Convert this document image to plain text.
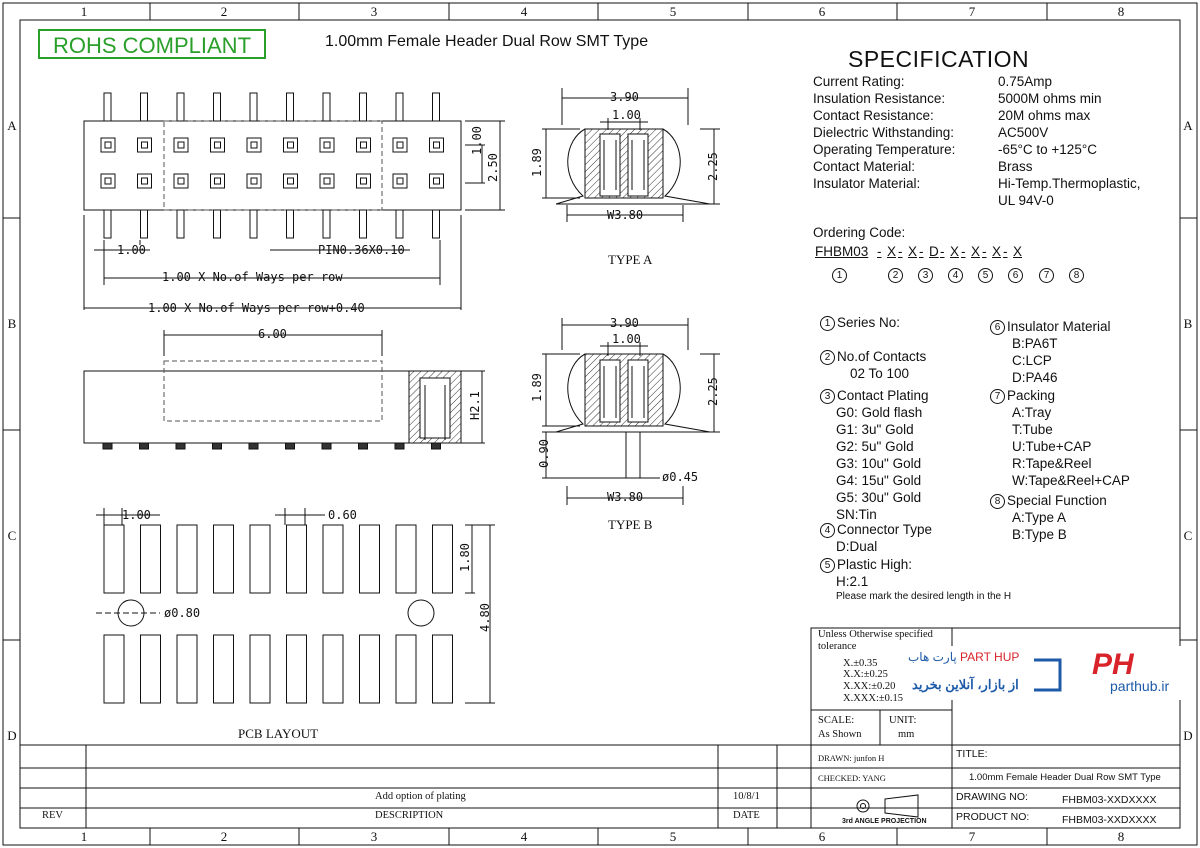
1	2	3	4	5	6	7	8
1	2	3	4	5	6	7	8
A
B
C
D
A
B
C
D
ROHS COMPLIANT	1.00mm Female Header Dual Row SMT Type
SPECIFICATION
Current Rating:	0.75Amp
Insulation Resistance:	5000M ohms min
Contact Resistance:	20M ohms max
Dielectric Withstanding:	AC500V
Operating Temperature:	-65°C to +125°C
Contact Material:	Brass
Insulator Material:	Hi-Temp.Thermoplastic,
UL 94V-0
Ordering Code:
FHBM03 - X - X - D - X - X - X - X
1	2	3	4	5	6	7	8
1 Series No:
2 No.of Contacts
02 To 100
3 Contact Plating
G0: Gold flash
G1: 3u" Gold
G2: 5u" Gold
G3: 10u" Gold
G4: 15u" Gold
G5: 30u" Gold
SN:Tin
4 Connector Type
D:Dual
5 Plastic High:
H:2.1
Please mark the desired length in the H
6 Insulator Material
B:PA6T
C:LCP
D:PA46
7 Packing
A:Tray
T:Tube
U:Tube+CAP
R:Tape&Reel
W:Tape&Reel+CAP
8 Special Function
A:Type A
B:Type B
1.00	PIN0.36X0.10
1.00 X No.of Ways per row
1.00 X No.of Ways per row+0.40
1.00
2.50
6.00
H2.1
3.90
1.00
1.89	2.25
W3.80
3.90
1.00
1.89	2.25
0.90
ø0.45
W3.80
1.00	0.60
1.80
ø0.80	4.80
TYPE A
TYPE B
PCB LAYOUT
Unless Otherwise specified tolerance
X.±0.35
X.X:±0.25
X.XX:±0.20
X.XXX:±0.15
SCALE:
As Shown
UNIT:
mm
DRAWN: junfon H
CHECKED: YANG
3rd ANGLE PROJECTION
TITLE:
1.00mm Female Header Dual Row SMT Type
DRAWING NO:	FHBM03-XXDXXXX
PRODUCT NO:	FHBM03-XXDXXXX
REV	DESCRIPTION	DATE
Add option of plating	10/8/1
پارت هاب PART HUP
از بازار، آنلاین بخرید
PH
parthub.ir
